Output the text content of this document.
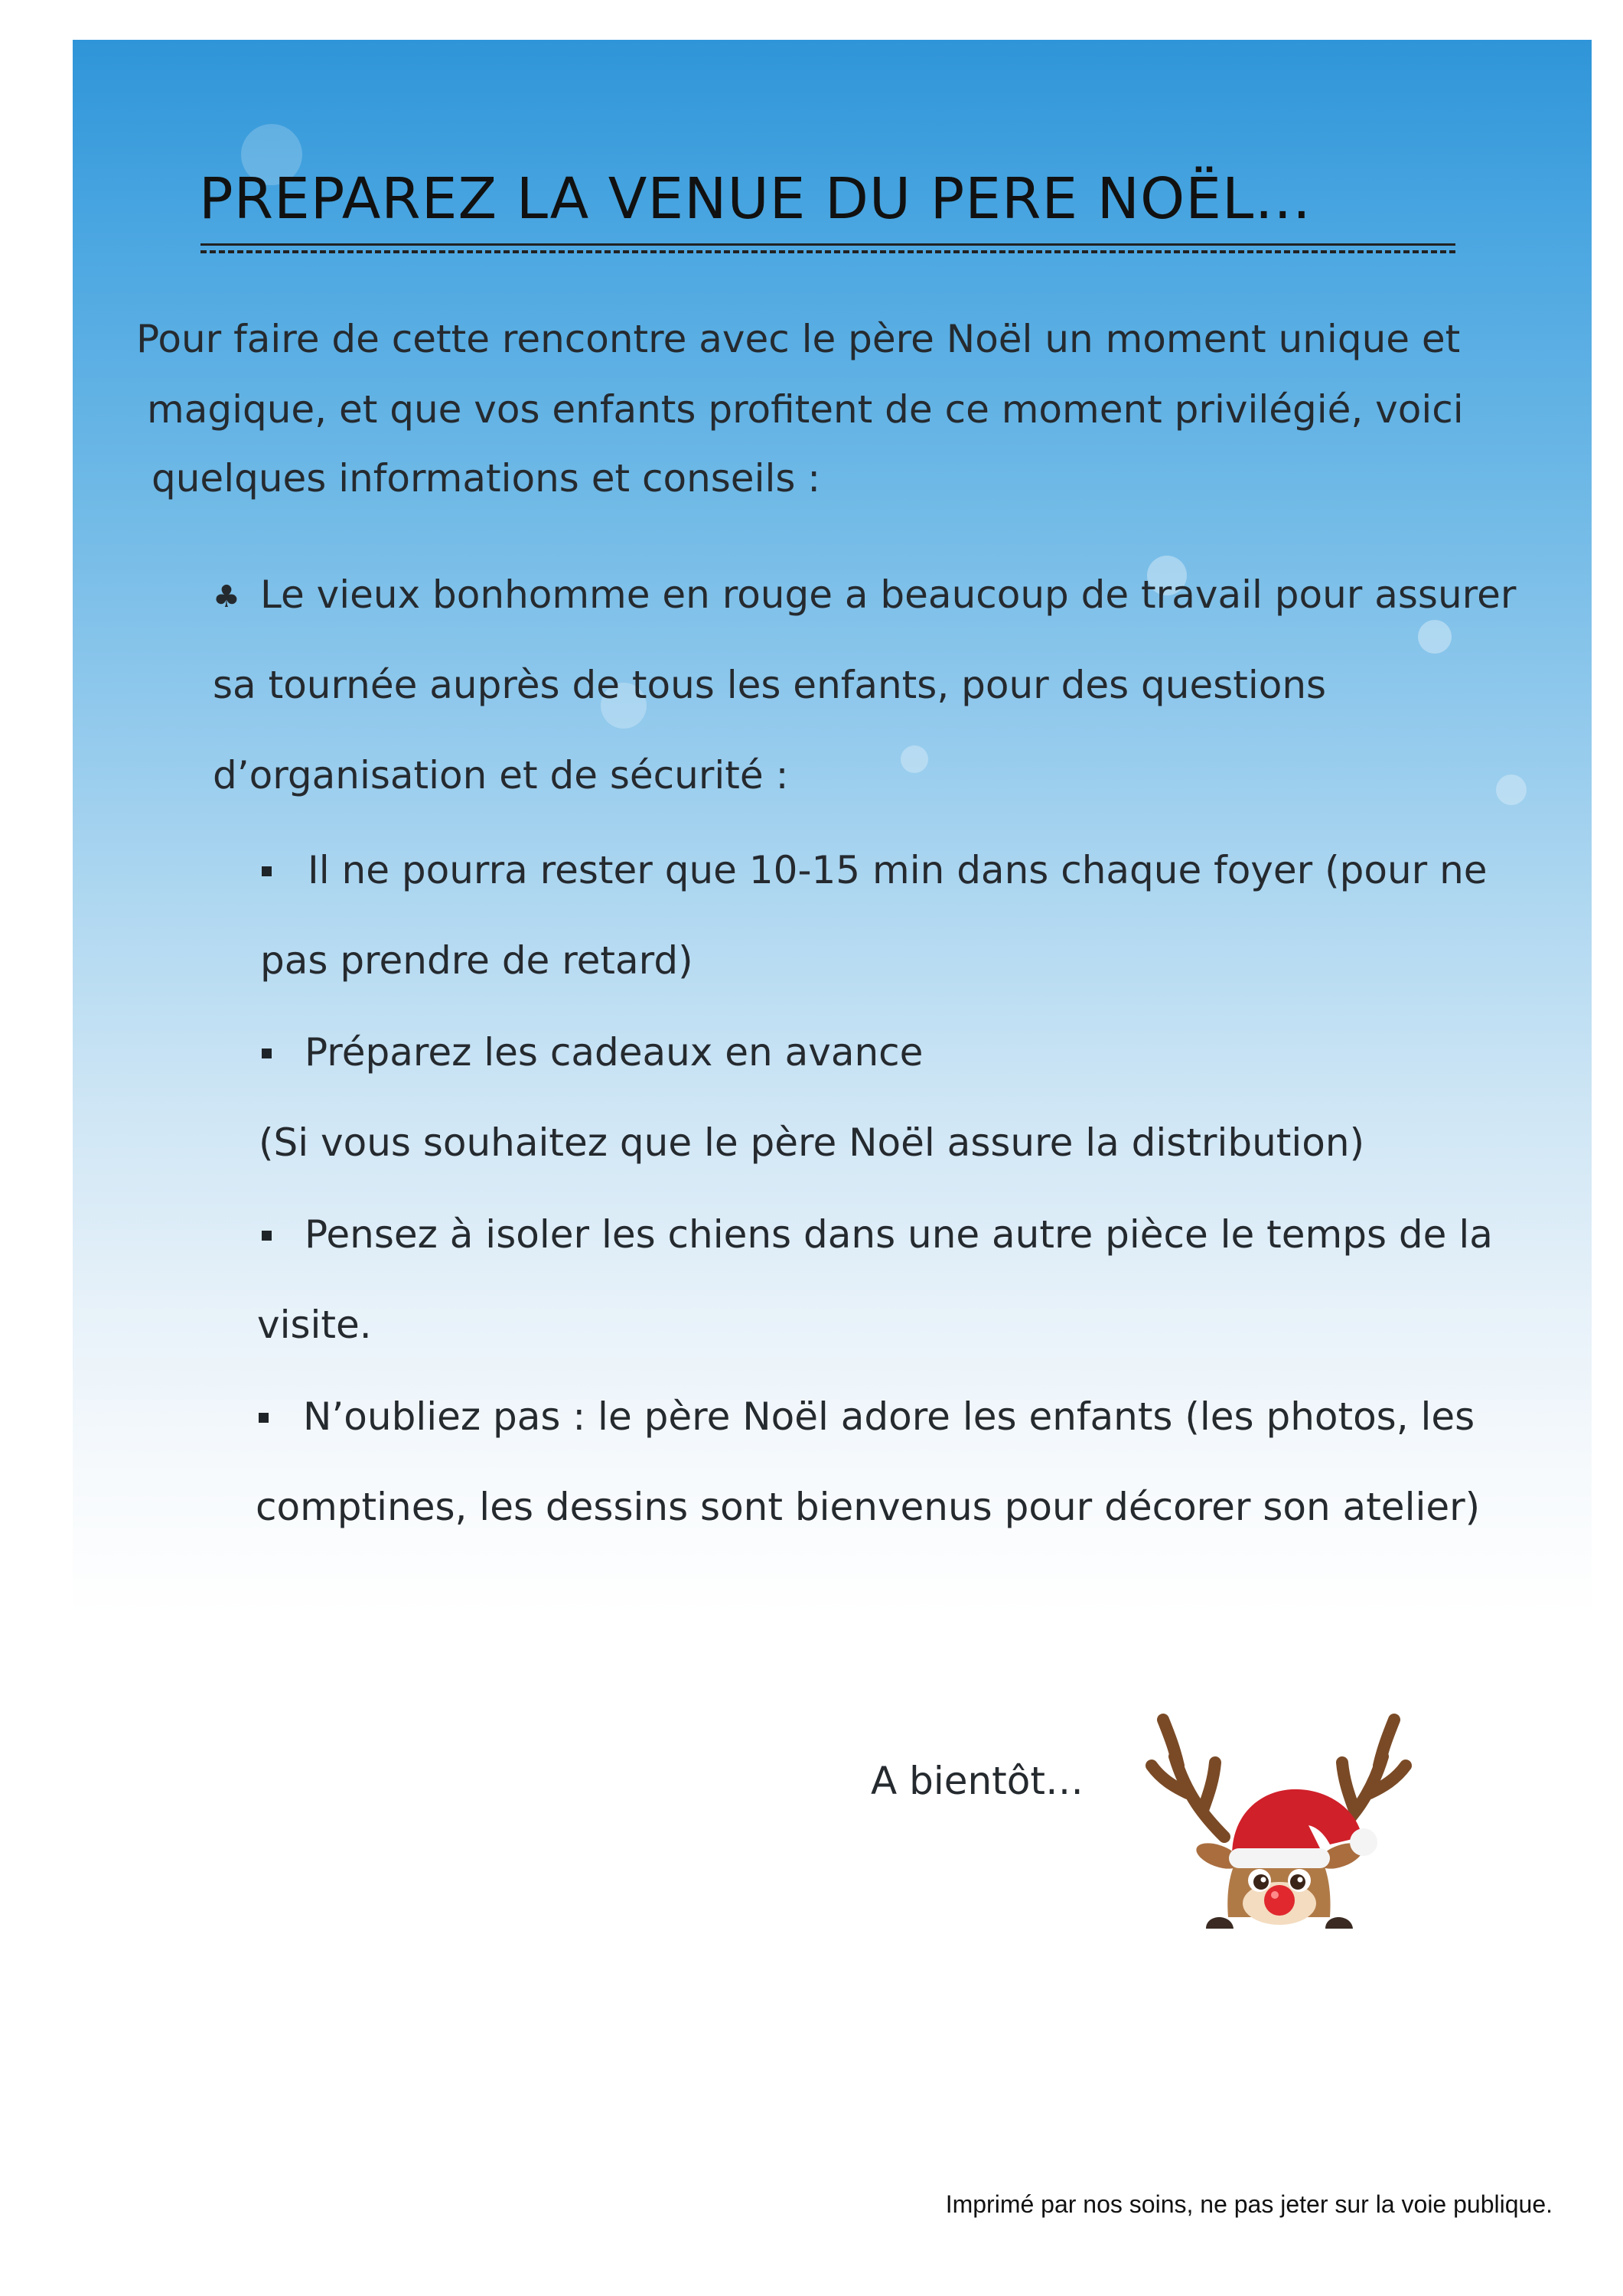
PREPAREZ LA VENUE DU PERE NOËL…

Pour faire de cette rencontre avec le père Noël un moment unique et

magique, et que vos enfants profitent de ce moment privilégié, voici

quelques informations et conseils :

♣ Le vieux bonhomme en rouge a beaucoup de travail pour assurer

sa tournée auprès de tous les enfants, pour des questions

d’organisation et de sécurité :

Il ne pourra rester que 10-15 min dans chaque foyer (pour ne

pas prendre de retard)

Préparez les cadeaux en avance

(Si vous souhaitez que le père Noël assure la distribution)

Pensez à isoler les chiens dans une autre pièce le temps de la

visite.

N’oubliez pas : le père Noël adore les enfants (les photos, les

comptines, les dessins sont bienvenus pour décorer son atelier)

A bientôt…

Imprimé par nos soins, ne pas jeter sur la voie publique.
